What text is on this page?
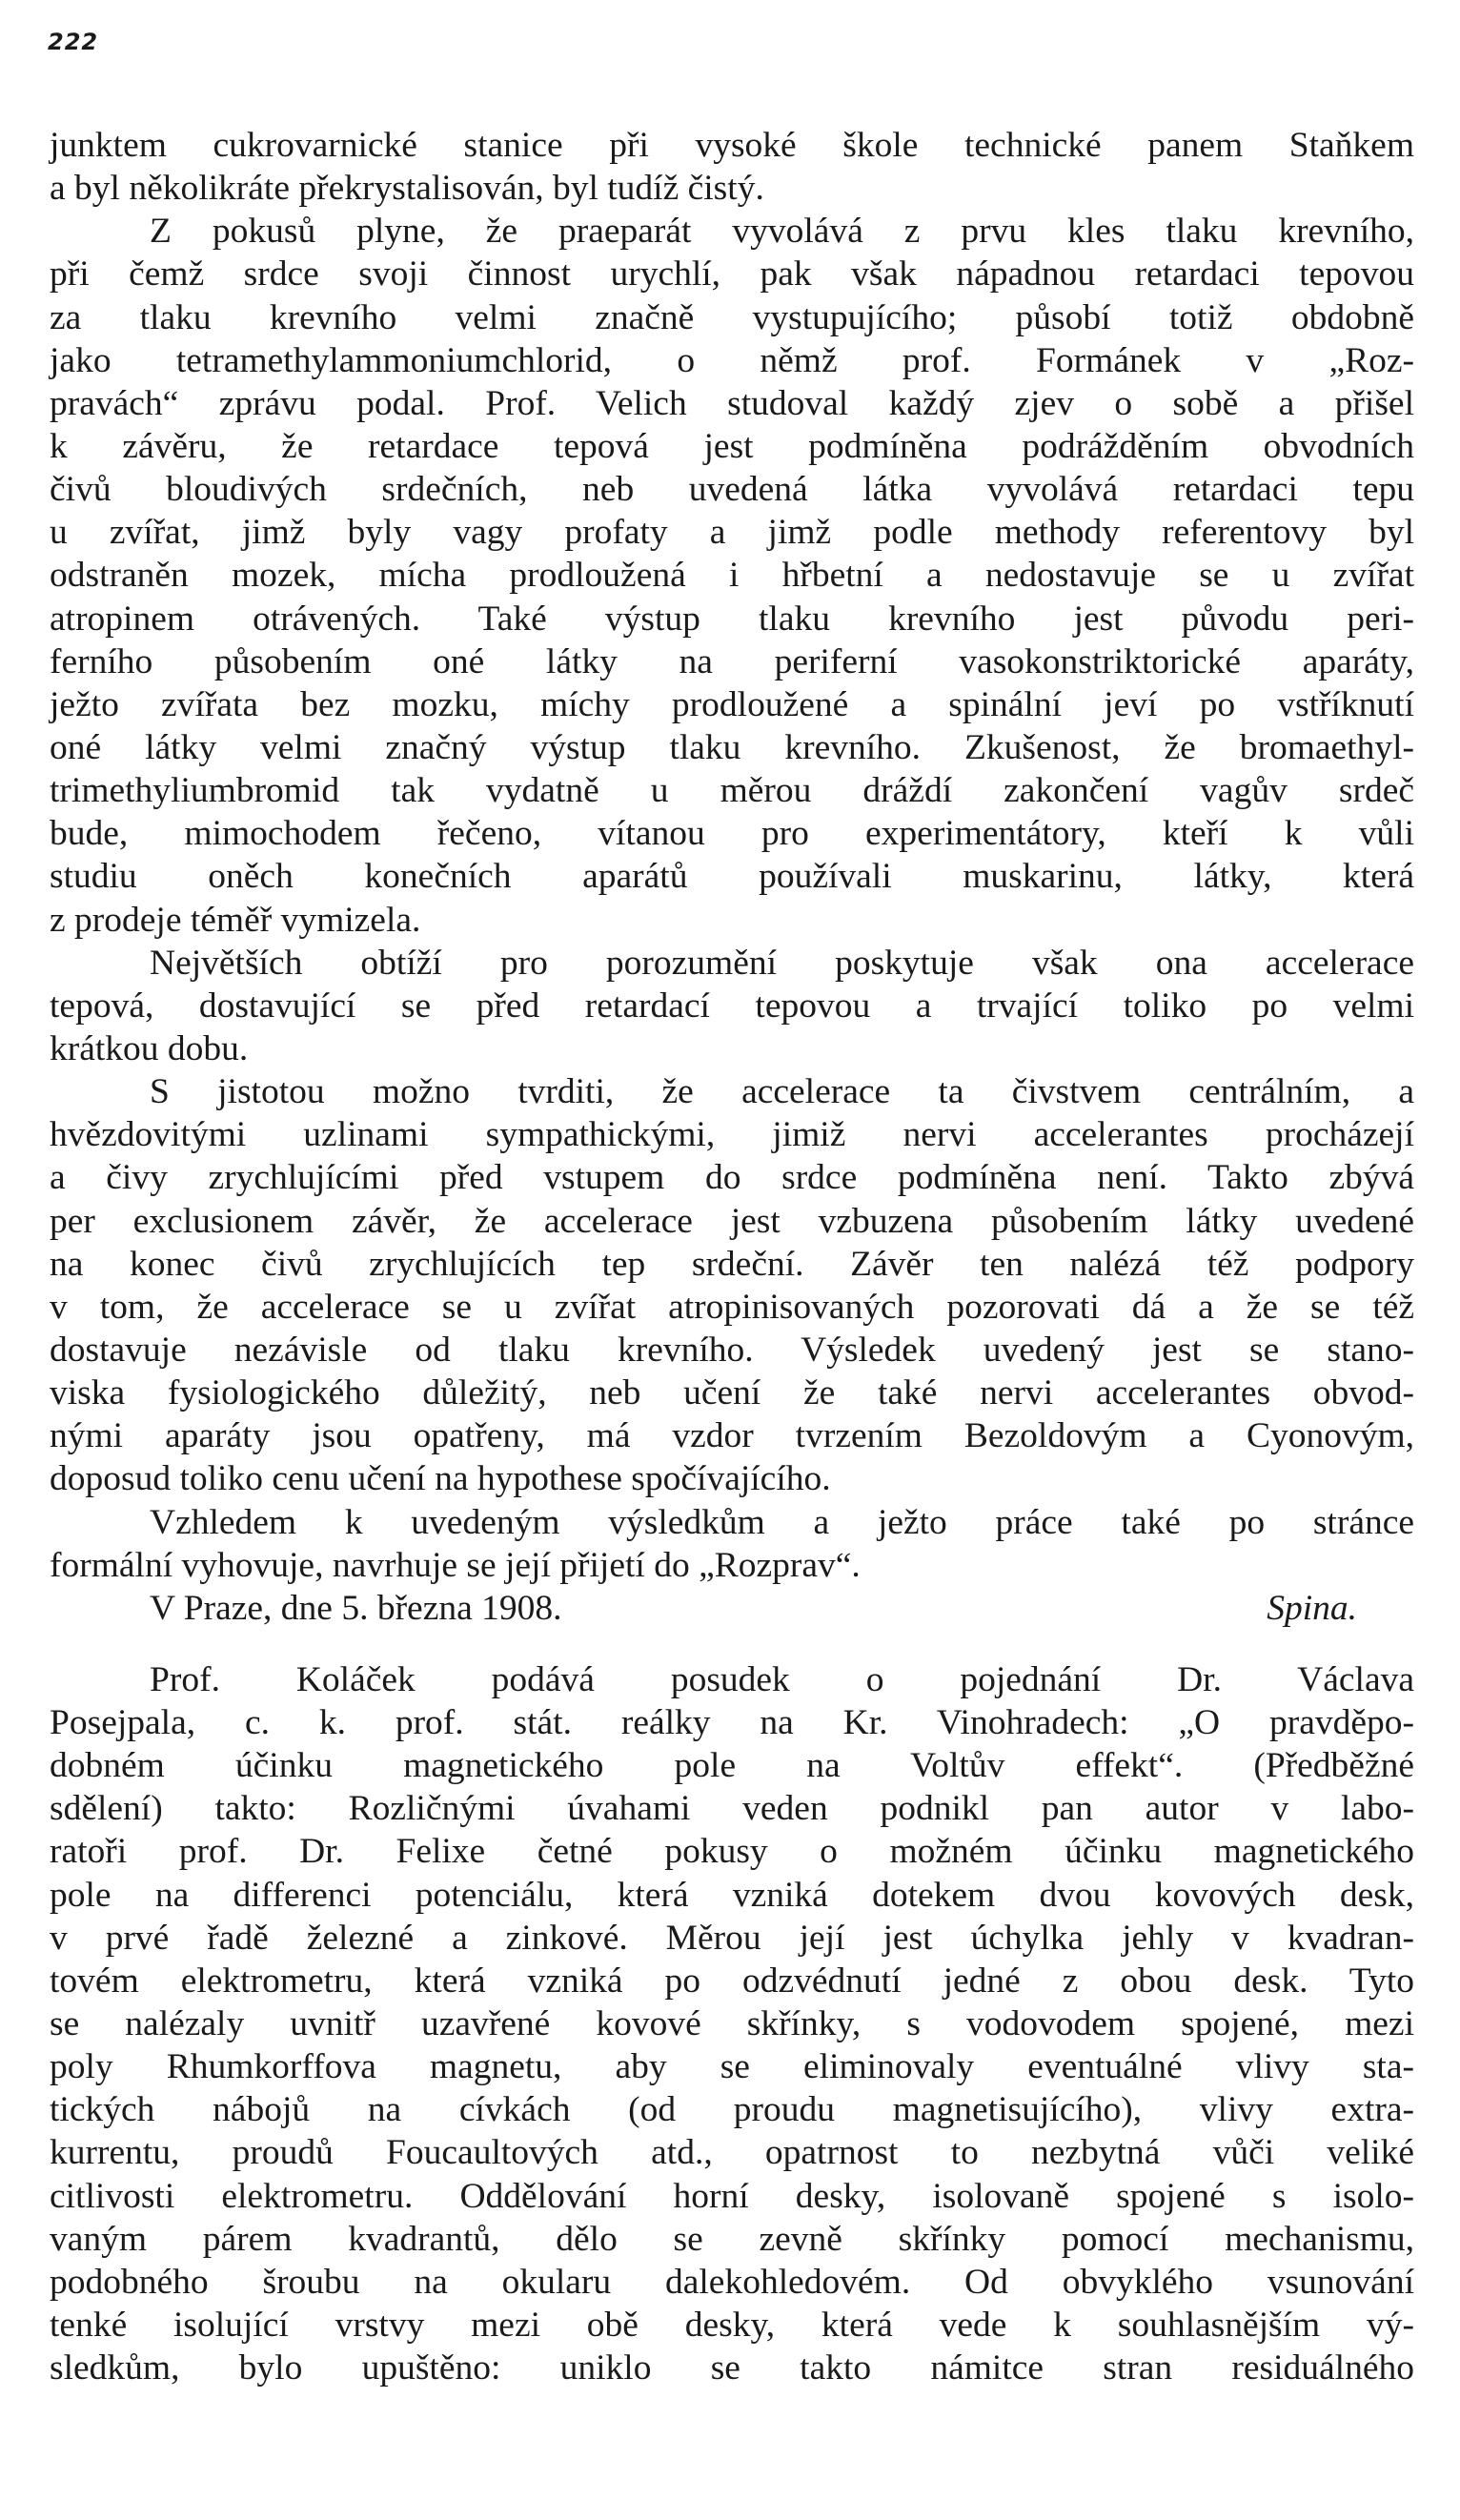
222
junktem cukrovarnické stanice při vysoké škole technické panem Staňkem
a byl několikráte překrystalisován, byl tudíž čistý.
Z pokusů plyne, že praeparát vyvolává z prvu kles tlaku krevního,
při čemž srdce svoji činnost urychlí, pak však nápadnou retardaci tepovou
za tlaku krevního velmi značně vystupujícího; působí totiž obdobně
jako tetramethylammoniumchlorid, o němž prof. Formánek v „Roz-
pravách“ zprávu podal. Prof. Velich studoval každý zjev o sobě a přišel
k závěru, že retardace tepová jest podmíněna podrážděním obvodních
čivů bloudivých srdečních, neb uvedená látka vyvolává retardaci tepu
u zvířat, jimž byly vagy profaty a jimž podle methody referentovy byl
odstraněn mozek, mícha prodloužená i hřbetní a nedostavuje se u zvířat
atropinem otrávených. Také výstup tlaku krevního jest původu peri-
ferního působením oné látky na periferní vasokonstriktorické aparáty,
ježto zvířata bez mozku, míchy prodloužené a spinální jeví po vstříknutí
oné látky velmi značný výstup tlaku krevního. Zkušenost, že bromaethyl-
trimethyliumbromid tak vydatně u měrou dráždí zakončení vagův srdeč
bude, mimochodem řečeno, vítanou pro experimentátory, kteří k vůli
studiu oněch konečních aparátů používali muskarinu, látky, která
z prodeje téměř vymizela.
Největších obtíží pro porozumění poskytuje však ona accelerace
tepová, dostavující se před retardací tepovou a trvající toliko po velmi
krátkou dobu.
S jistotou možno tvrditi, že accelerace ta čivstvem centrálním, a
hvězdovitými uzlinami sympathickými, jimiž nervi accelerantes procházejí
a čivy zrychlujícími před vstupem do srdce podmíněna není. Takto zbývá
per exclusionem závěr, že accelerace jest vzbuzena působením látky uvedené
na konec čivů zrychlujících tep srdeční. Závěr ten nalézá též podpory
v tom, že accelerace se u zvířat atropinisovaných pozorovati dá a že se též
dostavuje nezávisle od tlaku krevního. Výsledek uvedený jest se stano-
viska fysiologického důležitý, neb učení že také nervi accelerantes obvod-
nými aparáty jsou opatřeny, má vzdor tvrzením Bezoldovým a Cyonovým,
doposud toliko cenu učení na hypothese spočívajícího.
Vzhledem k uvedeným výsledkům a ježto práce také po stránce
formální vyhovuje, navrhuje se její přijetí do „Rozprav“.
V Praze, dne 5. března 1908.	Spina.
Prof. Koláček podává posudek o pojednání Dr. Václava
Posejpala, c. k. prof. stát. reálky na Kr. Vinohradech: „O pravděpo-
dobném účinku magnetického pole na Voltův effekt“. (Předběžné
sdělení) takto: Rozličnými úvahami veden podnikl pan autor v labo-
ratoři prof. Dr. Felixe četné pokusy o možném účinku magnetického
pole na differenci potenciálu, která vzniká dotekem dvou kovových desk,
v prvé řadě železné a zinkové. Měrou její jest úchylka jehly v kvadran-
tovém elektrometru, která vzniká po odzvédnutí jedné z obou desk. Tyto
se nalézaly uvnitř uzavřené kovové skřínky, s vodovodem spojené, mezi
poly Rhumkorffova magnetu, aby se eliminovaly eventuálné vlivy sta-
tických nábojů na cívkách (od proudu magnetisujícího), vlivy extra-
kurrentu, proudů Foucaultových atd., opatrnost to nezbytná vůči veliké
citlivosti elektrometru. Oddělování horní desky, isolovaně spojené s isolo-
vaným párem kvadrantů, dělo se zevně skřínky pomocí mechanismu,
podobného šroubu na okularu dalekohledovém. Od obvyklého vsunování
tenké isolující vrstvy mezi obě desky, která vede k souhlasnějším vý-
sledkům, bylo upuštěno: uniklo se takto námitce stran residuálného
